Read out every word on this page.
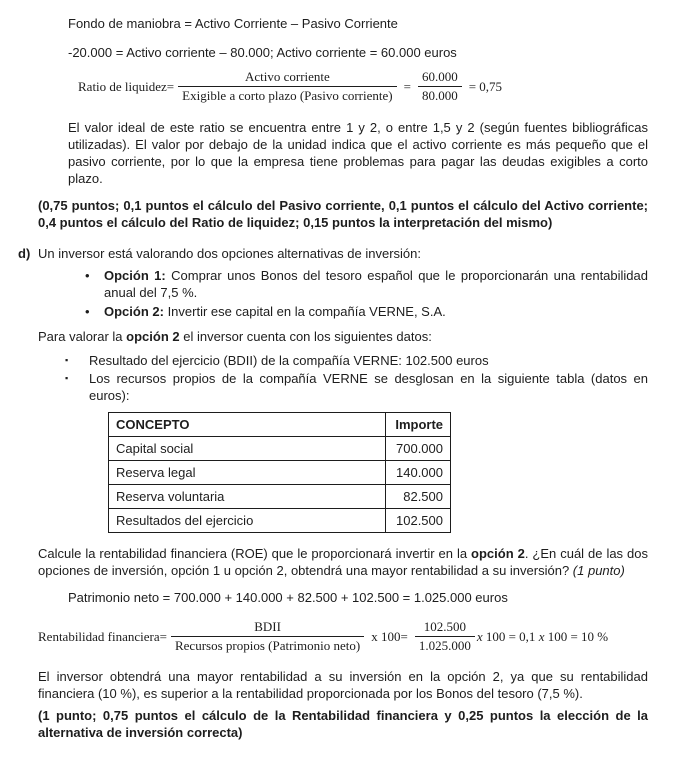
Fondo de maniobra = Activo Corriente – Pasivo Corriente

-20.000 = Activo corriente – 80.000; Activo corriente = 60.000 euros

Ratio de liquidez= $\frac{\text{Activo corriente}}{\text{Exigible a corto plazo (Pasivo corriente)}} = \frac{60.000}{80.000} = 0,75$

El valor ideal de este ratio se encuentra entre 1 y 2, o entre 1,5 y 2 (según fuentes bibliográficas utilizadas). El valor por debajo de la unidad indica que el activo corriente es más pequeño que el pasivo corriente, por lo que la empresa tiene problemas para pagar las deudas exigibles a corto plazo.

(0,75 puntos; 0,1 puntos el cálculo del Pasivo corriente, 0,1 puntos el cálculo del Activo corriente; 0,4 puntos el cálculo del Ratio de liquidez; 0,15 puntos la interpretación del mismo)

d) Un inversor está valorando dos opciones alternativas de inversión:
•	Opción 1: Comprar unos Bonos del tesoro español que le proporcionarán una rentabilidad anual del 7,5 %.

•	Opción 2: Invertir ese capital en la compañía VERNE, S.A.

Para valorar la opción 2 el inversor cuenta con los siguientes datos:

▪	Resultado del ejercicio (BDII) de la compañía VERNE: 102.500 euros

▪	Los recursos propios de la compañía VERNE se desglosan en la siguiente tabla (datos en euros):

CONCEPTO	Importe
Capital social	700.000
Reserva legal	140.000
Reserva voluntaria	82.500
Resultados del ejercicio	102.500

Calcule la rentabilidad financiera (ROE) que le proporcionará invertir en la opción 2. ¿En cuál de las dos opciones de inversión, opción 1 u opción 2, obtendrá una mayor rentabilidad a su inversión? (1 punto)

Patrimonio neto = 700.000 + 140.000 + 82.500 + 102.500 = 1.025.000 euros

Rentabilidad financiera= $\frac{\text{BDII}}{\text{Recursos propios (Patrimonio neto)}}$ x $100= \frac{102.500}{1.025.000}$ x 100 = 0,1 x 100 = 10 %

El inversor obtendrá una mayor rentabilidad a su inversión en la opción 2, ya que su rentabilidad financiera (10 %), es superior a la rentabilidad proporcionada por los Bonos del tesoro (7,5 %).

(1 punto; 0,75 puntos el cálculo de la Rentabilidad financiera y 0,25 puntos la elección de la alternativa de inversión correcta)
